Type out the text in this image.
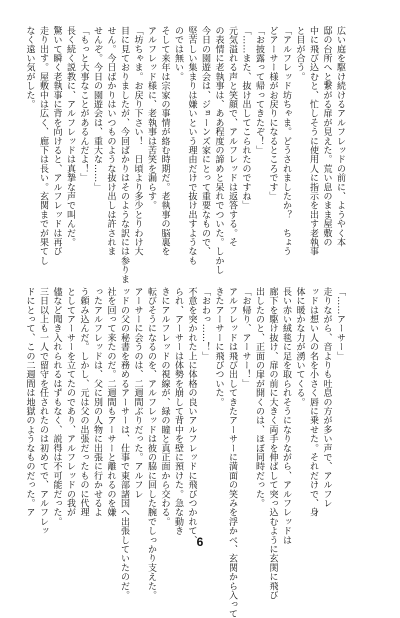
広い庭を駆け続けるアルフレッドの前に、ようやく本
邸の台所へと繋がる扉が見えた。荒い息のまま屋敷の
中に飛び込むと、忙しそうに使用人に指示を出す老執事
と目が合う。
「アルフレッド坊ちゃま。どうされましたか？　ちょう
どアーサー様がお戻りになるところです」
「お披露って帰ってきたぞ！」
「……また、抜け出してこられたのですね」
元気溢れる声と笑顔で、アルフレッドは返答する。そ
の表情に老執事は、ああ程度の諦めと呆れでついた。しかし
今日の園遊会は、ジョーンズ家にとって重要なもので、
堅苦しい集まりは嫌いという理由だけで抜け出すようなも
のでは無い。
そして来年は宗家の事情が絡む時期だ。老執事の脳裏を
アルフレッド様に、老執事は苦笑を漏らす。
「坊ちゃま。お戻り下さい！　日頃より多少とりわけ大
目に見ておりましたが、今回ばかりはそのような訳には参りま
せん。今日ばかりはいつものような抜け出しは許されま
せんぞ。今日の園遊会は、重大な……」
「もっと大事なことがあるんだよ！」
長く続く説教に、アルフレッドは真摯な声で叫んだ。
驚いて瞬く老執事に背を向けると、アルフレッドは再び
走り出す。屋敷中は広く、廊下は長い。玄関までが果てし
なく遠い気がした。
「……アーサー」
走りながら、音よりも吐息の方が多い声で、アルフレ
ッドは想い人の名を小さく唇に乗せた。それだけで、身
体に暖かな力が湧いてくる。
長い赤い絨毯に足を取られそうになりながら、アルフレッドは
廊下を駆け抜け、扉の前に大きく両手を伸ばして突っ込むように玄関に飛び
出したのと、正面の扉が開くのは、ほぼ同時だった。
「お帰り、アーサー！」
アルフレッドは飛び出してきたアーサーに満面の笑みを浮かべ、玄関から入って
きたアーサーに飛びついた。
「おわっ……！」
不意を突かれた上に体格の良いアルフレッドに飛びつかれて、
られ、アーサーは体勢を崩して背中を壁に預けた。急な動き
きにアルフレッドの視線が、緑の瞳と真正面から交わる。
転びそうになるのを、アルフレッドは彼の脇に回した腕でしっかり支えた。
アーサーに会うのは、二週間ぶりだった。アルフレ
ッドの父の秘書を務めるアーサーは、仕事で東部諸国へ出張していたのだ。
社を回って来たのだ。二週間もアーサーと離れるのを嫌
ったアルフレッドは、父に別の人物に出張に行かせるよ
う頼み込んだ。しかし、元は父の出張だったものに代理
としてアーサーを立てたのであり、アルフレッドの我が
儘など聞き入れられるはずもなく、説得は不可能だった。
三日以上も一人で留守を任されたのは初めてで、アルフレッ
ドにとって、この二週間は地獄のようなものだった。ア
6
